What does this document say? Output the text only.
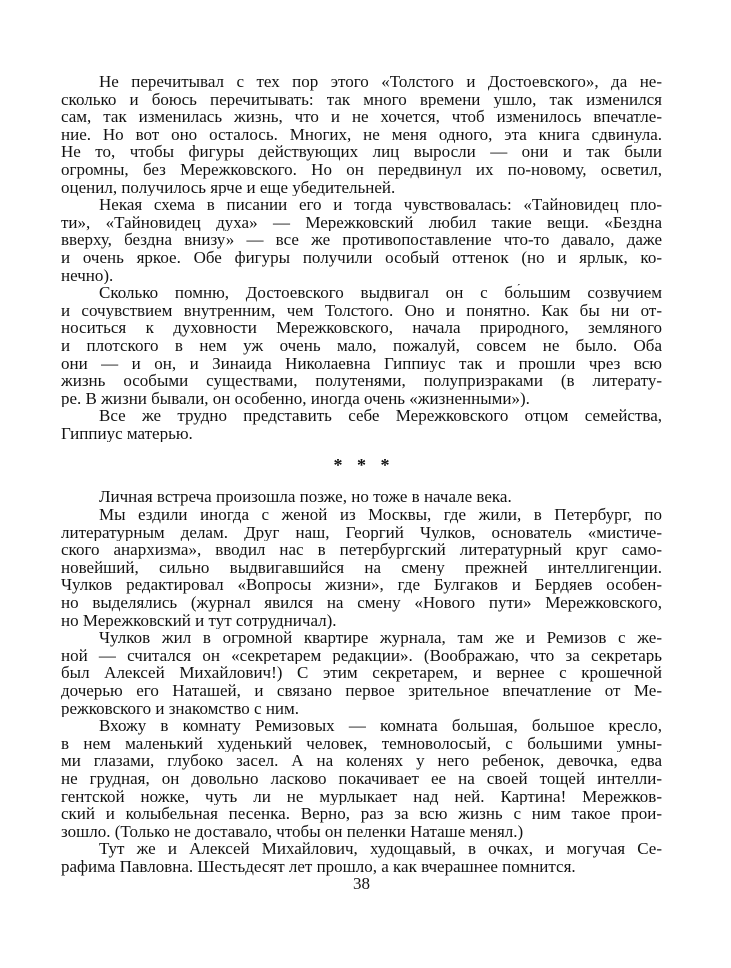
Не перечитывал с тех пор этого «Толстого и Достоевского», да не-
сколько и боюсь перечитывать: так много времени ушло, так изменился
сам, так изменилась жизнь, что и не хочется, чтоб изменилось впечатле-
ние. Но вот оно осталось. Многих, не меня одного, эта книга сдвинула.
Не то, чтобы фигуры действующих лиц выросли — они и так были
огромны, без Мережковского. Но он передвинул их по-новому, осветил,
оценил, получилось ярче и еще убедительней.
Некая схема в писании его и тогда чувствовалась: «Тайновидец пло-
ти», «Тайновидец духа» — Мережковский любил такие вещи. «Бездна
вверху, бездна внизу» — все же противопоставление что-то давало, даже
и очень яркое. Обе фигуры получили особый оттенок (но и ярлык, ко-
нечно).
Сколько помню, Достоевского выдвигал он с бо́льшим созвучием
и сочувствием внутренним, чем Толстого. Оно и понятно. Как бы ни от-
носиться к духовности Мережковского, начала природного, земляного
и плотского в нем уж очень мало, пожалуй, совсем не было. Оба
они — и он, и Зинаида Николаевна Гиппиус так и прошли чрез всю
жизнь особыми существами, полутенями, полупризраками (в литерату-
ре. В жизни бывали, он особенно, иногда очень «жизненными»).
Все же трудно представить себе Мережковского отцом семейства,
Гиппиус матерью.
* * *
Личная встреча произошла позже, но тоже в начале века.
Мы ездили иногда с женой из Москвы, где жили, в Петербург, по
литературным делам. Друг наш, Георгий Чулков, основатель «мистиче-
ского анархизма», вводил нас в петербургский литературный круг само-
новейший, сильно выдвигавшийся на смену прежней интеллигенции.
Чулков редактировал «Вопросы жизни», где Булгаков и Бердяев особен-
но выделялись (журнал явился на смену «Нового пути» Мережковского,
но Мережковский и тут сотрудничал).
Чулков жил в огромной квартире журнала, там же и Ремизов с же-
ной — считался он «секретарем редакции». (Воображаю, что за секретарь
был Алексей Михайлович!) С этим секретарем, и вернее с крошечной
дочерью его Наташей, и связано первое зрительное впечатление от Ме-
режковского и знакомство с ним.
Вхожу в комнату Ремизовых — комната большая, большое кресло,
в нем маленький худенький человек, темноволосый, с большими умны-
ми глазами, глубоко засел. А на коленях у него ребенок, девочка, едва
не грудная, он довольно ласково покачивает ее на своей тощей интелли-
гентской ножке, чуть ли не мурлыкает над ней. Картина! Мережков-
ский и колыбельная песенка. Верно, раз за всю жизнь с ним такое прои-
зошло. (Только не доставало, чтобы он пеленки Наташе менял.)
Тут же и Алексей Михайлович, худощавый, в очках, и могучая Се-
рафима Павловна. Шестьдесят лет прошло, а как вчерашнее помнится.
38
